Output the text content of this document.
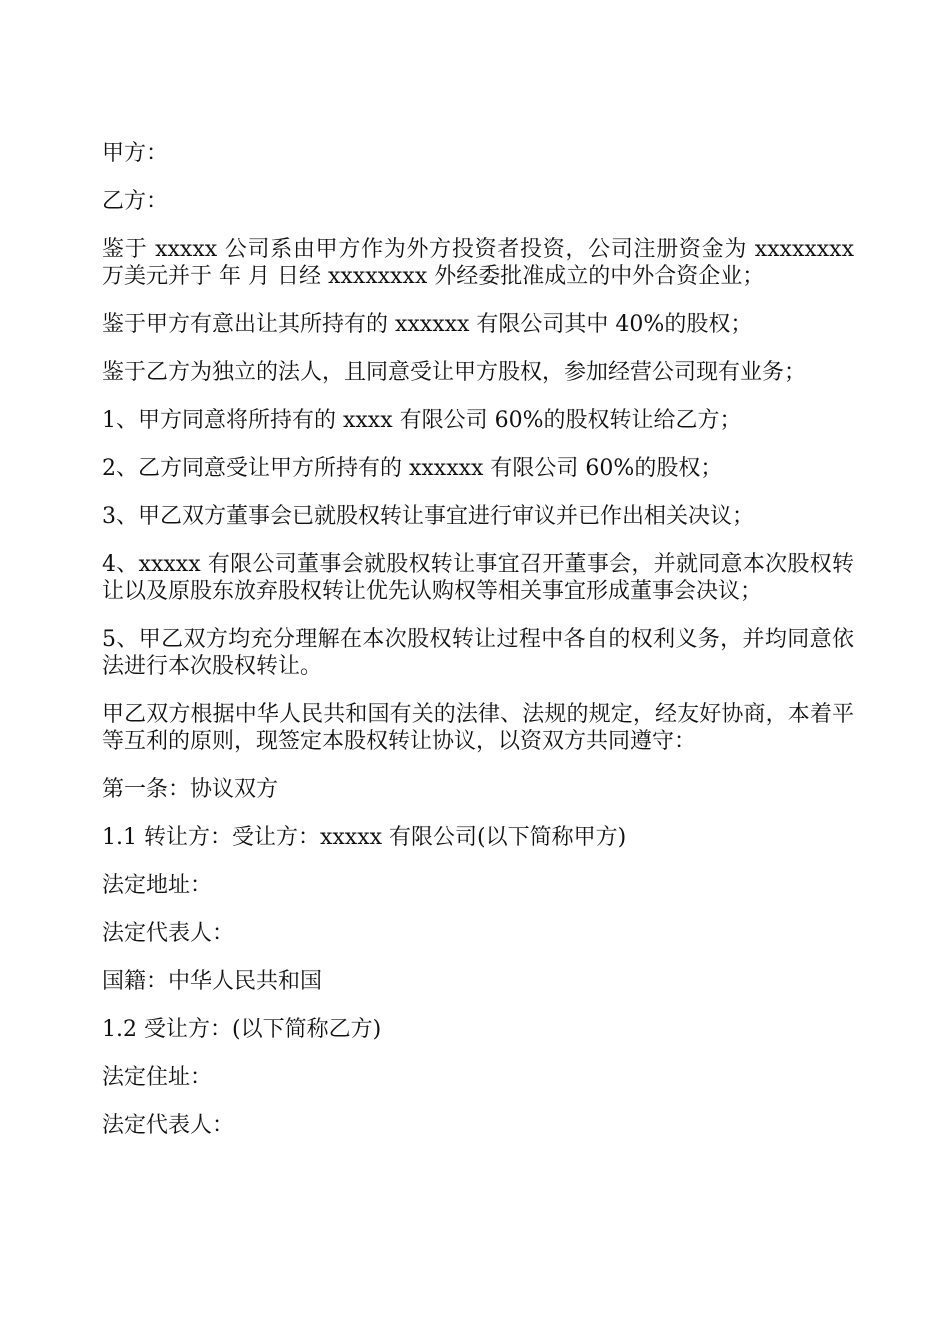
甲方：

乙方：

鉴于 xxxxx 公司系由甲方作为外方投资者投资，公司注册资金为 xxxxxxxx 万美元并于 年 月 日经 xxxxxxxx 外经委批准成立的中外合资企业；

鉴于甲方有意出让其所持有的 xxxxxx 有限公司其中 40%的股权；

鉴于乙方为独立的法人，且同意受让甲方股权，参加经营公司现有业务；

1、甲方同意将所持有的 xxxx 有限公司 60%的股权转让给乙方；

2、乙方同意受让甲方所持有的 xxxxxx 有限公司 60%的股权；

3、甲乙双方董事会已就股权转让事宜进行审议并已作出相关决议；

4、xxxxx 有限公司董事会就股权转让事宜召开董事会，并就同意本次股权转让以及原股东放弃股权转让优先认购权等相关事宜形成董事会决议；

5、甲乙双方均充分理解在本次股权转让过程中各自的权利义务，并均同意依法进行本次股权转让。

甲乙双方根据中华人民共和国有关的法律、法规的规定，经友好协商，本着平等互利的原则，现签定本股权转让协议，以资双方共同遵守：

第一条：协议双方

1.1 转让方：受让方：xxxxx 有限公司(以下简称甲方)

法定地址：

法定代表人：

国籍：中华人民共和国

1.2 受让方：(以下简称乙方)

法定住址：

法定代表人：
